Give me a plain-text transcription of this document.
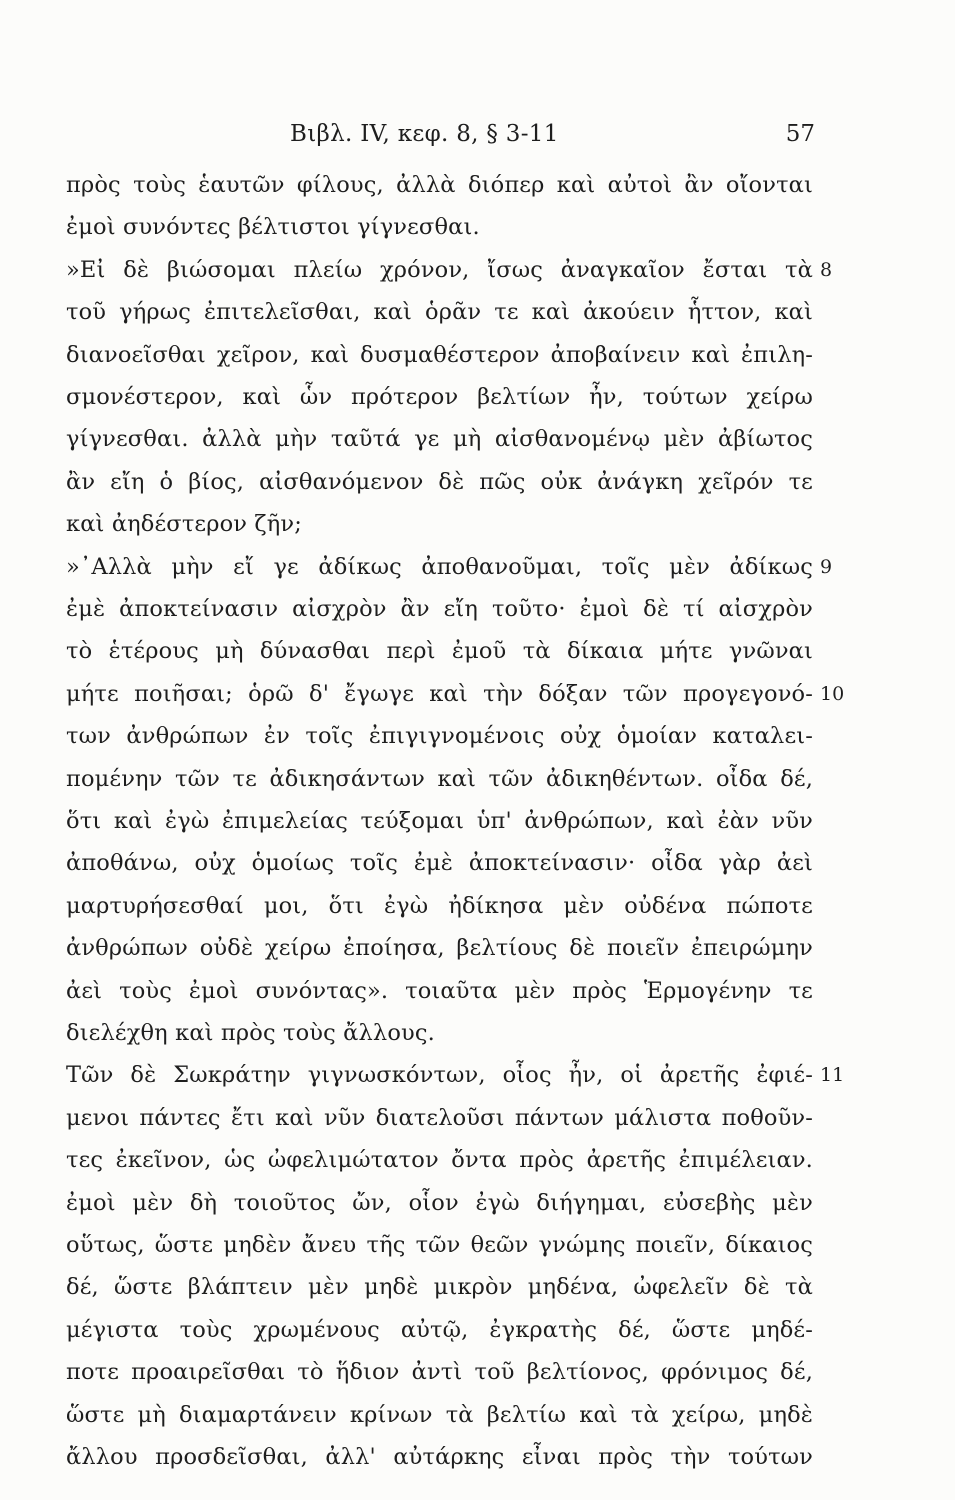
Βιβλ. IV, κεφ. 8, § 3-11	57
πρὸς τοὺς ἑαυτῶν φίλους, ἀλλὰ διόπερ καὶ αὐτοὶ ἂν οἴονται
ἐμοὶ συνόντες βέλτιστοι γίγνεσθαι.
»Εἰ δὲ βιώσομαι πλείω χρόνον, ἴσως ἀναγκαῖον ἔσται τὰ
τοῦ γήρως ἐπιτελεῖσθαι, καὶ ὁρᾶν τε καὶ ἀκούειν ἧττον, καὶ
διανοεῖσθαι χεῖρον, καὶ δυσμαθέστερον ἀποβαίνειν καὶ ἐπιλη-
σμονέστερον, καὶ ὧν πρότερον βελτίων ἦν, τούτων χείρω
γίγνεσθαι. ἀλλὰ μὴν ταῦτά γε μὴ αἰσθανομένῳ μὲν ἀβίωτος
ἂν εἴη ὁ βίος, αἰσθανόμενον δὲ πῶς οὐκ ἀνάγκη χεῖρόν τε
καὶ ἀηδέστερον ζῆν;
»᾿Αλλὰ μὴν εἴ γε ἀδίκως ἀποθανοῦμαι, τοῖς μὲν ἀδίκως
ἐμὲ ἀποκτείνασιν αἰσχρὸν ἂν εἴη τοῦτο· ἐμοὶ δὲ τί αἰσχρὸν
τὸ ἑτέρους μὴ δύνασθαι περὶ ἐμοῦ τὰ δίκαια μήτε γνῶναι
μήτε ποιῆσαι; ὁρῶ δ' ἔγωγε καὶ τὴν δόξαν τῶν προγεγονό-
των ἀνθρώπων ἐν τοῖς ἐπιγιγνομένοις οὐχ ὁμοίαν καταλει-
πομένην τῶν τε ἀδικησάντων καὶ τῶν ἀδικηθέντων. οἶδα δέ,
ὅτι καὶ ἐγὼ ἐπιμελείας τεύξομαι ὑπ' ἀνθρώπων, καὶ ἐὰν νῦν
ἀποθάνω, οὐχ ὁμοίως τοῖς ἐμὲ ἀποκτείνασιν· οἶδα γὰρ ἀεὶ
μαρτυρήσεσθαί μοι, ὅτι ἐγὼ ἠδίκησα μὲν οὐδένα πώποτε
ἀνθρώπων οὐδὲ χείρω ἐποίησα, βελτίους δὲ ποιεῖν ἐπειρώμην
ἀεὶ τοὺς ἐμοὶ συνόντας». τοιαῦτα μὲν πρὸς Ἑρμογένην τε
διελέχθη καὶ πρὸς τοὺς ἄλλους.
Τῶν δὲ Σωκράτην γιγνωσκόντων, οἷος ἦν, οἱ ἀρετῆς ἐφιέ-
μενοι πάντες ἔτι καὶ νῦν διατελοῦσι πάντων μάλιστα ποθοῦν-
τες ἐκεῖνον, ὡς ὠφελιμώτατον ὄντα πρὸς ἀρετῆς ἐπιμέλειαν.
ἐμοὶ μὲν δὴ τοιοῦτος ὤν, οἷον ἐγὼ διήγημαι, εὐσεβὴς μὲν
οὕτως, ὥστε μηδὲν ἄνευ τῆς τῶν θεῶν γνώμης ποιεῖν, δίκαιος
δέ, ὥστε βλάπτειν μὲν μηδὲ μικρὸν μηδένα, ὠφελεῖν δὲ τὰ
μέγιστα τοὺς χρωμένους αὐτῷ, ἐγκρατὴς δέ, ὥστε μηδέ-
ποτε προαιρεῖσθαι τὸ ἥδιον ἀντὶ τοῦ βελτίονος, φρόνιμος δέ,
ὥστε μὴ διαμαρτάνειν κρίνων τὰ βελτίω καὶ τὰ χείρω, μηδὲ
ἄλλου προσδεῖσθαι, ἀλλ' αὐτάρκης εἶναι πρὸς τὴν τούτων
8
9
10
11
